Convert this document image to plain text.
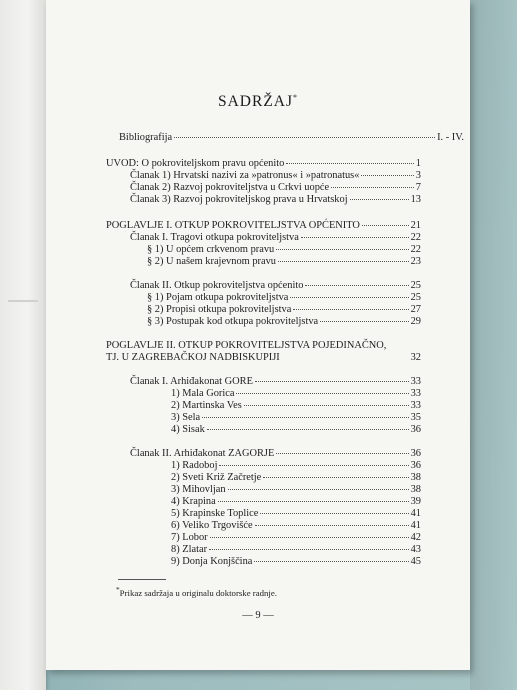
SADRŽAJ*
Bibliografija	I. - IV.
UVOD: O pokroviteljskom pravu općenito	1
Članak 1) Hrvatski nazivi za »patronus« i »patronatus«	3
Članak 2) Razvoj pokroviteljstva u Crkvi uopće	7
Članak 3) Razvoj pokroviteljskog prava u Hrvatskoj	13
POGLAVLJE I. OTKUP POKROVITELJSTVA OPĆENITO	21
Članak I. Tragovi otkupa pokroviteljstva	22
§ 1) U općem crkvenom pravu	22
§ 2) U našem krajevnom pravu	23
Članak II. Otkup pokroviteljstva općenito	25
§ 1) Pojam otkupa pokroviteljstva	25
§ 2) Propisi otkupa pokroviteljstva	27
§ 3) Postupak kod otkupa pokroviteljstva	29
POGLAVLJE II. OTKUP POKROVITELJSTVA POJEDINAČNO,
TJ. U ZAGREBAČKOJ NADBISKUPIJI	32
Članak I. Arhiđakonat GORE	33
1) Mala Gorica	33
2) Martinska Ves	33
3) Sela	35
4) Sisak	36
Članak II. Arhiđakonat ZAGORJE	36
1) Radoboj	36
2) Sveti Križ Začretje	38
3) Mihovljan	38
4) Krapina	39
5) Krapinske Toplice	41
6) Veliko Trgovišće	41
7) Lobor	42
8) Zlatar	43
9) Donja Konjščina	45
*Prikaz sadržaja u originalu doktorske radnje.
— 9 —
